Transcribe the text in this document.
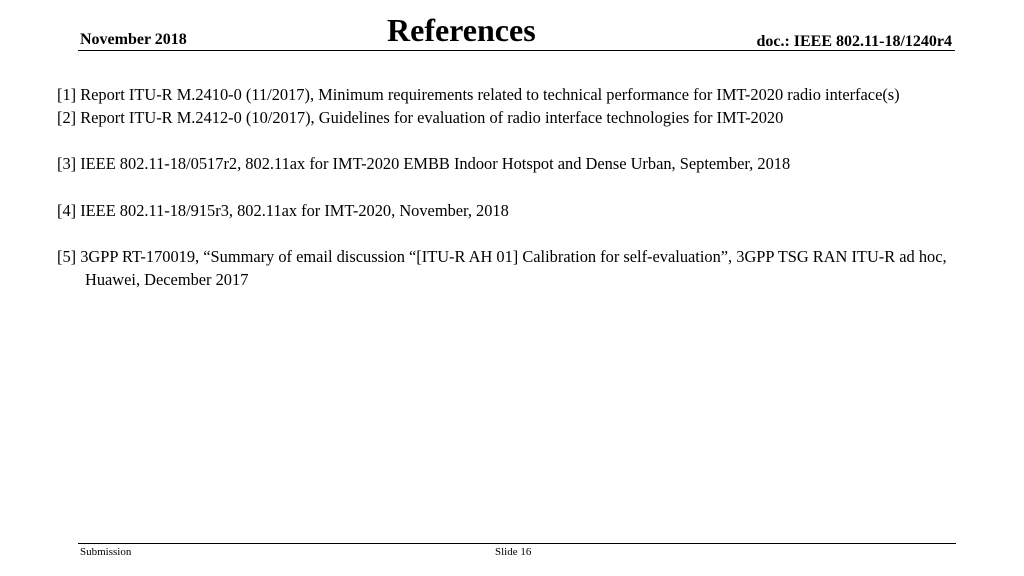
November 2018	References	doc.: IEEE 802.11-18/1240r4
[1] Report ITU-R M.2410-0 (11/2017), Minimum requirements related to technical performance for IMT-2020 radio interface(s)
[2] Report ITU-R M.2412-0 (10/2017), Guidelines for evaluation of radio interface technologies for IMT-2020
[3] IEEE 802.11-18/0517r2, 802.11ax for IMT-2020 EMBB Indoor Hotspot and Dense Urban, September, 2018
[4] IEEE 802.11-18/915r3, 802.11ax for IMT-2020, November, 2018
[5] 3GPP RT-170019, “Summary of email discussion “[ITU-R AH 01] Calibration for self-evaluation”, 3GPP TSG RAN ITU-R ad hoc, Huawei, December 2017
Submission	Slide 16
